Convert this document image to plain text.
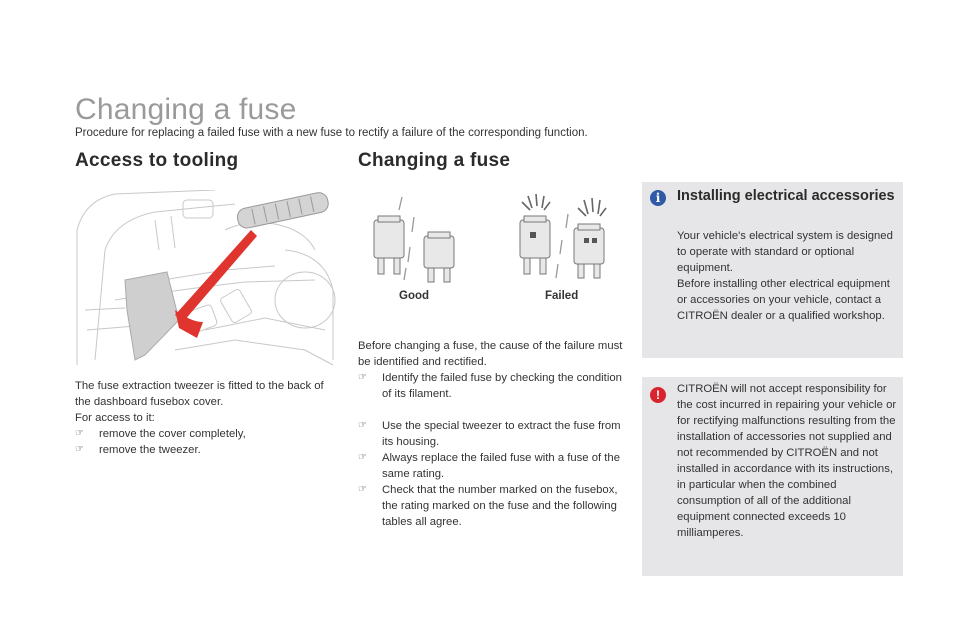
Changing a fuse
Procedure for replacing a failed fuse with a new fuse to rectify a failure of the corresponding function.
Access to tooling
The fuse extraction tweezer is fitted to the back of the dashboard fusebox cover.
For access to it:
☞ remove the cover completely,
☞ remove the tweezer.
Changing a fuse
Good	Failed
Before changing a fuse, the cause of the failure must be identified and rectified.
☞ Identify the failed fuse by checking the condition of its filament.
☞ Use the special tweezer to extract the fuse from its housing.
☞ Always replace the failed fuse with a fuse of the same rating.
☞ Check that the number marked on the fusebox, the rating marked on the fuse and the following tables all agree.
i	Installing electrical accessories
Your vehicle's electrical system is designed to operate with standard or optional equipment.
Before installing other electrical equipment or accessories on your vehicle, contact a CITROËN dealer or a qualified workshop.
!	CITROËN will not accept responsibility for the cost incurred in repairing your vehicle or for rectifying malfunctions resulting from the installation of accessories not supplied and not recommended by CITROËN and not installed in accordance with its instructions, in particular when the combined consumption of all of the additional equipment connected exceeds 10 milliamperes.
